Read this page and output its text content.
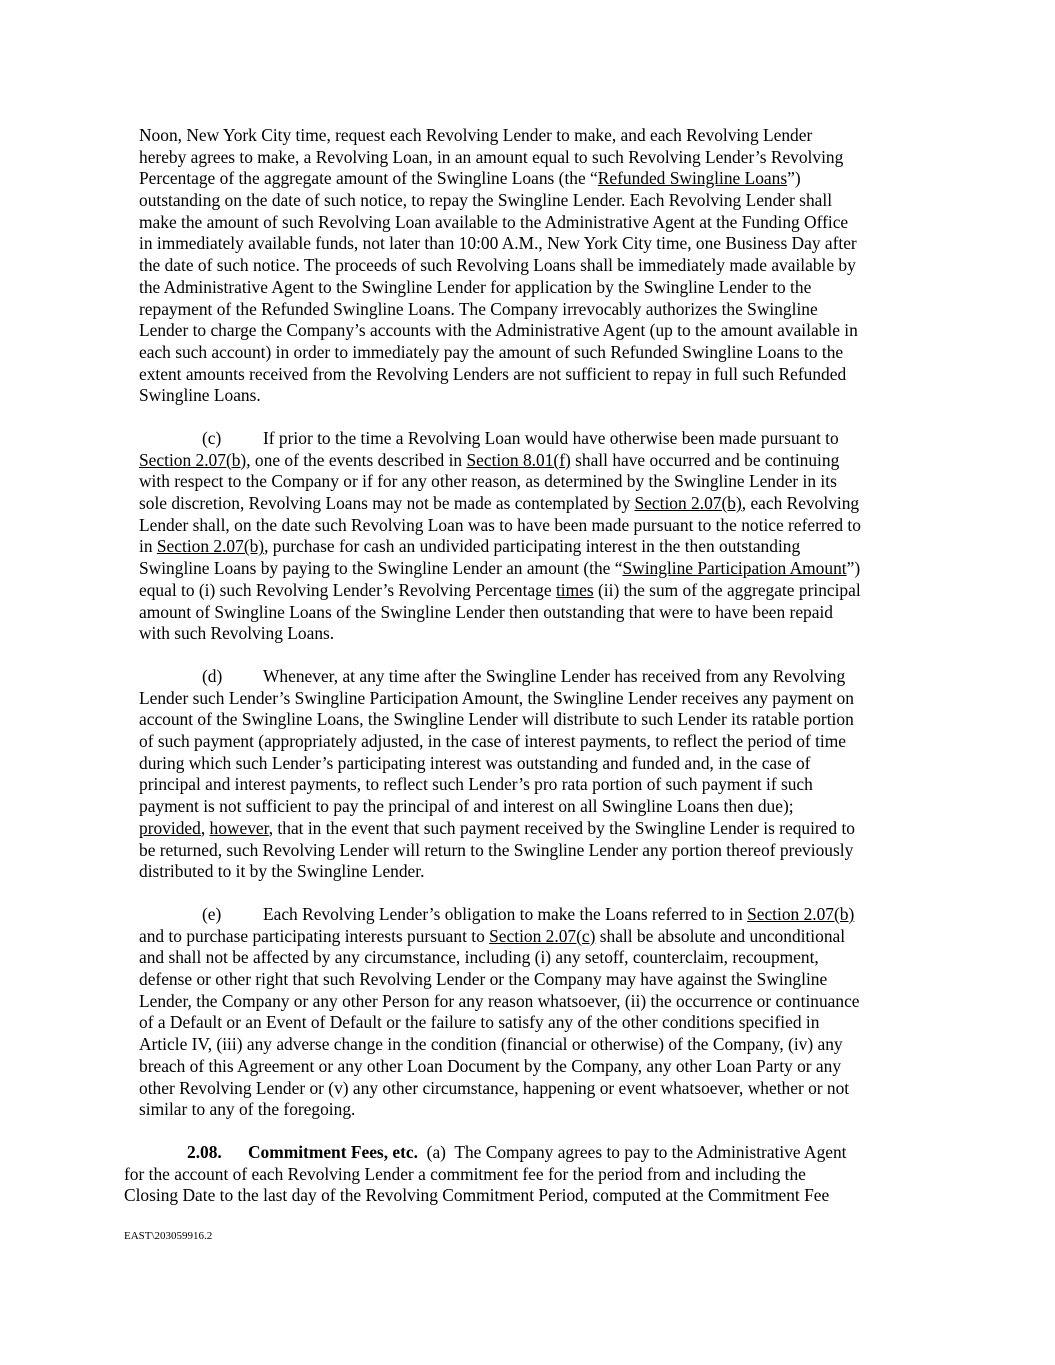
Noon, New York City time, request each Revolving Lender to make, and each Revolving Lender
hereby agrees to make, a Revolving Loan, in an amount equal to such Revolving Lender’s Revolving
Percentage of the aggregate amount of the Swingline Loans (the “Refunded Swingline Loans”)
outstanding on the date of such notice, to repay the Swingline Lender. Each Revolving Lender shall
make the amount of such Revolving Loan available to the Administrative Agent at the Funding Office
in immediately available funds, not later than 10:00 A.M., New York City time, one Business Day after
the date of such notice. The proceeds of such Revolving Loans shall be immediately made available by
the Administrative Agent to the Swingline Lender for application by the Swingline Lender to the
repayment of the Refunded Swingline Loans. The Company irrevocably authorizes the Swingline
Lender to charge the Company’s accounts with the Administrative Agent (up to the amount available in
each such account) in order to immediately pay the amount of such Refunded Swingline Loans to the
extent amounts received from the Revolving Lenders are not sufficient to repay in full such Refunded
Swingline Loans.
(c) If prior to the time a Revolving Loan would have otherwise been made pursuant to
Section 2.07(b), one of the events described in Section 8.01(f) shall have occurred and be continuing
with respect to the Company or if for any other reason, as determined by the Swingline Lender in its
sole discretion, Revolving Loans may not be made as contemplated by Section 2.07(b), each Revolving
Lender shall, on the date such Revolving Loan was to have been made pursuant to the notice referred to
in Section 2.07(b), purchase for cash an undivided participating interest in the then outstanding
Swingline Loans by paying to the Swingline Lender an amount (the “Swingline Participation Amount”)
equal to (i) such Revolving Lender’s Revolving Percentage times (ii) the sum of the aggregate principal
amount of Swingline Loans of the Swingline Lender then outstanding that were to have been repaid
with such Revolving Loans.
(d) Whenever, at any time after the Swingline Lender has received from any Revolving
Lender such Lender’s Swingline Participation Amount, the Swingline Lender receives any payment on
account of the Swingline Loans, the Swingline Lender will distribute to such Lender its ratable portion
of such payment (appropriately adjusted, in the case of interest payments, to reflect the period of time
during which such Lender’s participating interest was outstanding and funded and, in the case of
principal and interest payments, to reflect such Lender’s pro rata portion of such payment if such
payment is not sufficient to pay the principal of and interest on all Swingline Loans then due);
provided, however, that in the event that such payment received by the Swingline Lender is required to
be returned, such Revolving Lender will return to the Swingline Lender any portion thereof previously
distributed to it by the Swingline Lender.
(e) Each Revolving Lender’s obligation to make the Loans referred to in Section 2.07(b)
and to purchase participating interests pursuant to Section 2.07(c) shall be absolute and unconditional
and shall not be affected by any circumstance, including (i) any setoff, counterclaim, recoupment,
defense or other right that such Revolving Lender or the Company may have against the Swingline
Lender, the Company or any other Person for any reason whatsoever, (ii) the occurrence or continuance
of a Default or an Event of Default or the failure to satisfy any of the other conditions specified in
Article IV, (iii) any adverse change in the condition (financial or otherwise) of the Company, (iv) any
breach of this Agreement or any other Loan Document by the Company, any other Loan Party or any
other Revolving Lender or (v) any other circumstance, happening or event whatsoever, whether or not
similar to any of the foregoing.
2.08. Commitment Fees, etc.  (a)  The Company agrees to pay to the Administrative Agent
for the account of each Revolving Lender a commitment fee for the period from and including the
Closing Date to the last day of the Revolving Commitment Period, computed at the Commitment Fee
EAST\203059916.2
